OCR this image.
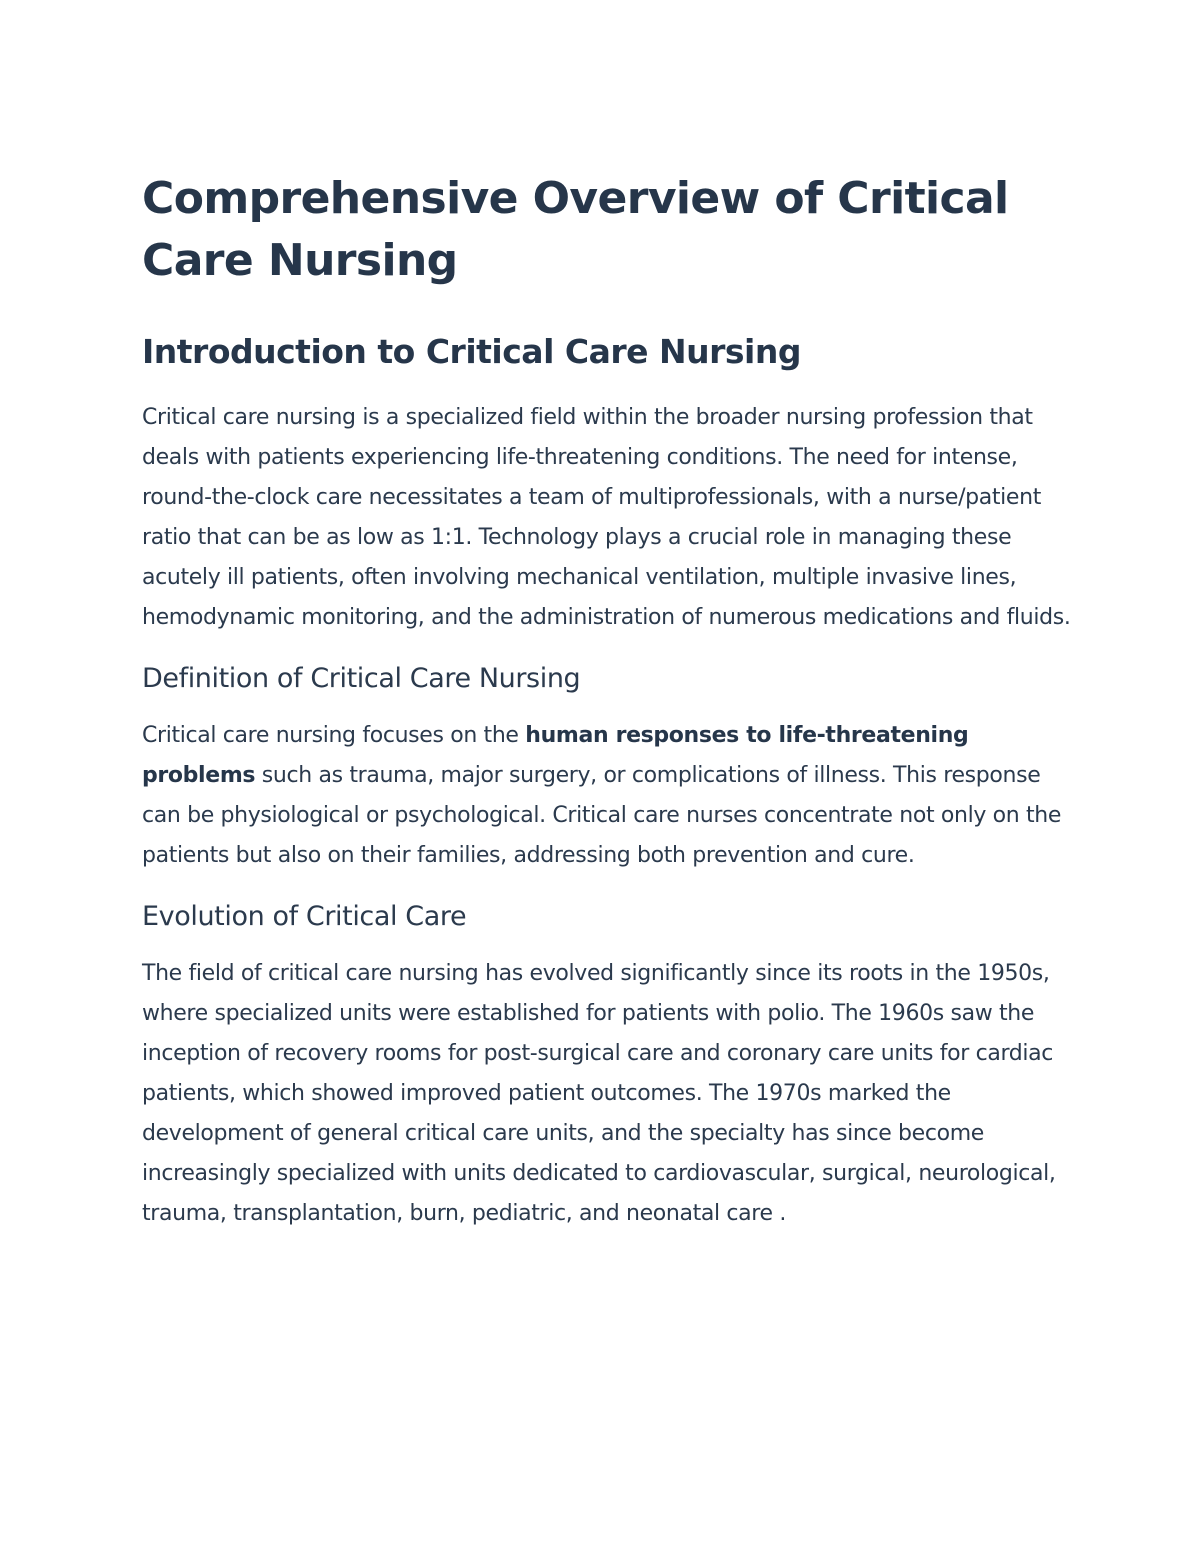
Comprehensive Overview of Critical Care Nursing
Introduction to Critical Care Nursing

Critical care nursing is a specialized field within the broader nursing profession that deals with patients experiencing life-threatening conditions. The need for intense, round-the-clock care necessitates a team of multiprofessionals, with a nurse/patient ratio that can be as low as 1:1. Technology plays a crucial role in managing these acutely ill patients, often involving mechanical ventilation, multiple invasive lines, hemodynamic monitoring, and the administration of numerous medications and fluids.

Definition of Critical Care Nursing

Critical care nursing focuses on the human responses to life-threatening problems such as trauma, major surgery, or complications of illness. This response can be physiological or psychological. Critical care nurses concentrate not only on the patients but also on their families, addressing both prevention and cure.

Evolution of Critical Care

The field of critical care nursing has evolved significantly since its roots in the 1950s, where specialized units were established for patients with polio. The 1960s saw the inception of recovery rooms for post-surgical care and coronary care units for cardiac patients, which showed improved patient outcomes. The 1970s marked the development of general critical care units, and the specialty has since become increasingly specialized with units dedicated to cardiovascular, surgical, neurological, trauma, transplantation, burn, pediatric, and neonatal care .
